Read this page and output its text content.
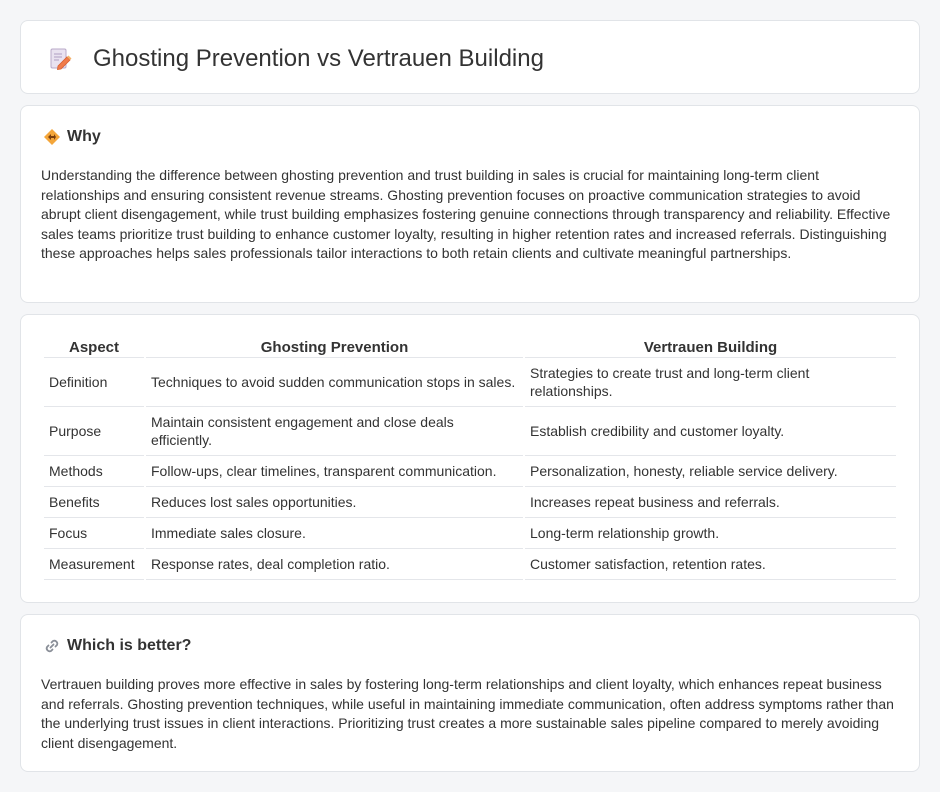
Ghosting Prevention vs Vertrauen Building
Why

Understanding the difference between ghosting prevention and trust building in sales is crucial for maintaining long-term client relationships and ensuring consistent revenue streams. Ghosting prevention focuses on proactive communication strategies to avoid abrupt client disengagement, while trust building emphasizes fostering genuine connections through transparency and reliability. Effective sales teams prioritize trust building to enhance customer loyalty, resulting in higher retention rates and increased referrals. Distinguishing these approaches helps sales professionals tailor interactions to both retain clients and cultivate meaningful partnerships.

Aspect	Ghosting Prevention	Vertrauen Building
Definition	Techniques to avoid sudden communication stops in sales.	Strategies to create trust and long-term client relationships.
Purpose	Maintain consistent engagement and close deals efficiently.	Establish credibility and customer loyalty.
Methods	Follow-ups, clear timelines, transparent communication.	Personalization, honesty, reliable service delivery.
Benefits	Reduces lost sales opportunities.	Increases repeat business and referrals.
Focus	Immediate sales closure.	Long-term relationship growth.
Measurement	Response rates, deal completion ratio.	Customer satisfaction, retention rates.
Which is better?

Vertrauen building proves more effective in sales by fostering long-term relationships and client loyalty, which enhances repeat business and referrals. Ghosting prevention techniques, while useful in maintaining immediate communication, often address symptoms rather than the underlying trust issues in client interactions. Prioritizing trust creates a more sustainable sales pipeline compared to merely avoiding client disengagement.
